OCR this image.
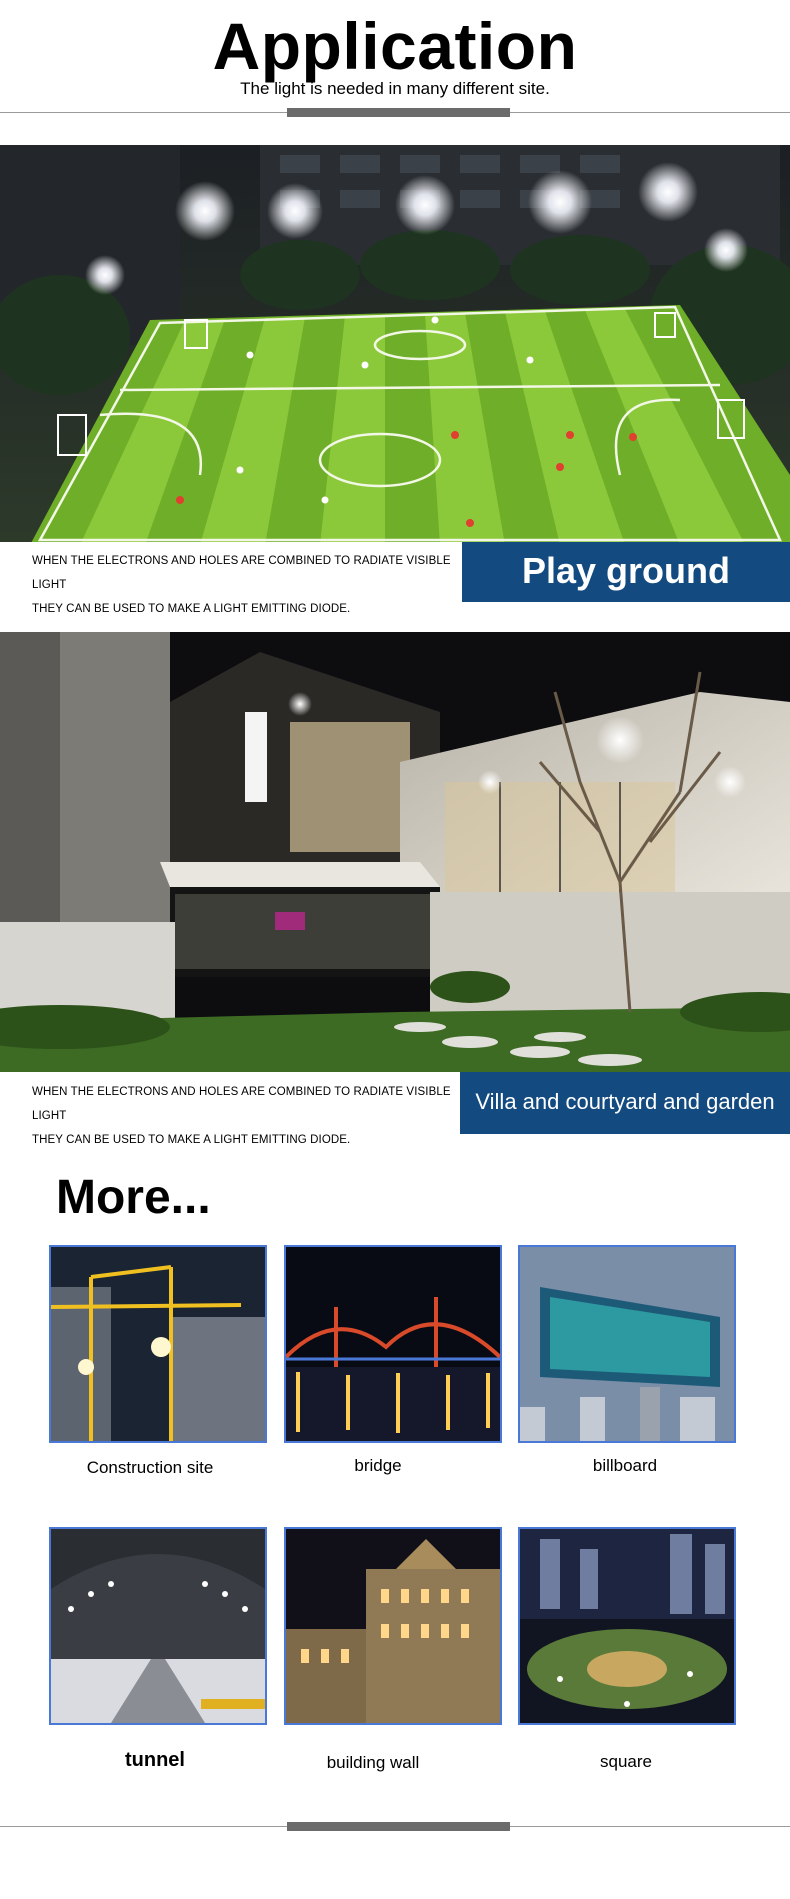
Application
The light is needed in many different site.
WHEN THE ELECTRONS AND HOLES ARE COMBINED TO RADIATE VISIBLE LIGHT
THEY CAN BE USED TO MAKE A LIGHT EMITTING DIODE.
Play ground
WHEN THE ELECTRONS AND HOLES ARE COMBINED TO RADIATE VISIBLE LIGHT
THEY CAN BE USED TO MAKE A LIGHT EMITTING DIODE.
Villa and courtyard and garden
More...
Construction site	bridge	billboard
tunnel	building wall	square
